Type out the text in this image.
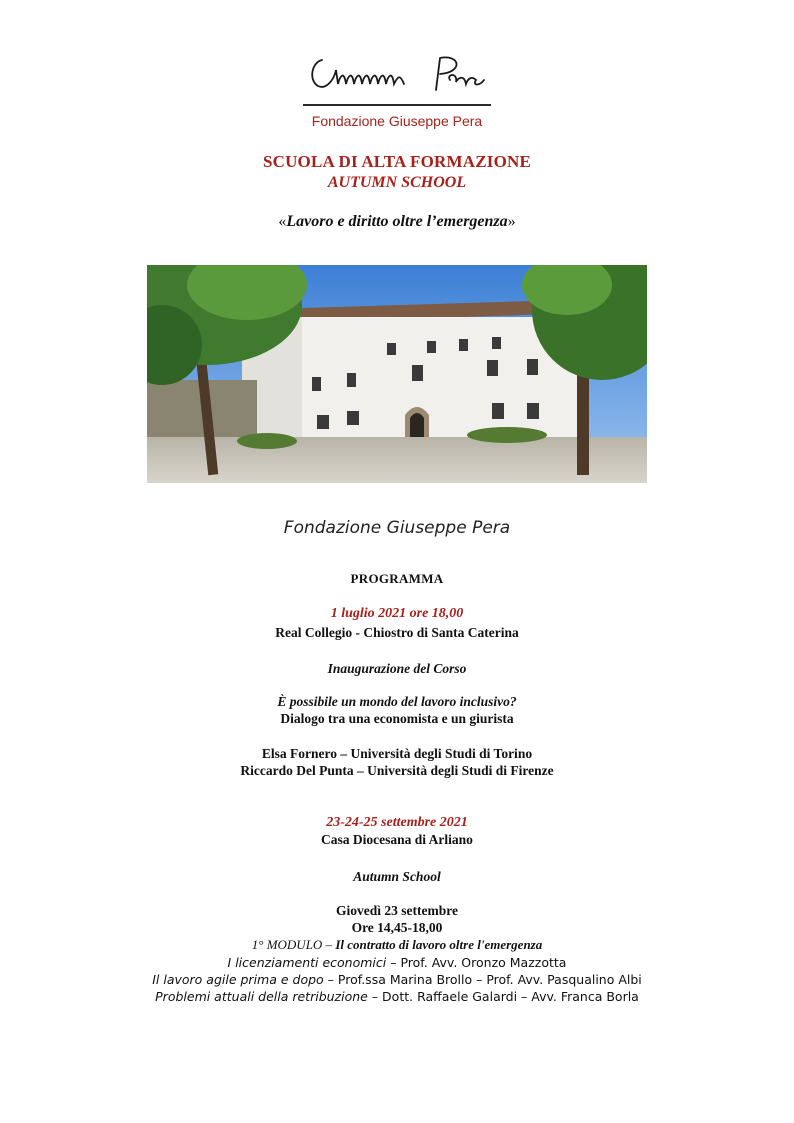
Fondazione Giuseppe Pera
SCUOLA DI ALTA FORMAZIONE
AUTUMN SCHOOL
«Lavoro e diritto oltre l’emergenza»
Fondazione Giuseppe Pera
PROGRAMMA
1 luglio 2021 ore 18,00
Real Collegio - Chiostro di Santa Caterina
Inaugurazione del Corso
È possibile un mondo del lavoro inclusivo?
Dialogo tra una economista e un giurista
Elsa Fornero – Università degli Studi di Torino
Riccardo Del Punta – Università degli Studi di Firenze
23-24-25 settembre 2021
Casa Diocesana di Arliano
Autumn School
Giovedì 23 settembre
Ore 14,45-18,00
1° MODULO – Il contratto di lavoro oltre l'emergenza
I licenziamenti economici – Prof. Avv. Oronzo Mazzotta
Il lavoro agile prima e dopo – Prof.ssa Marina Brollo – Prof. Avv. Pasqualino Albi
Problemi attuali della retribuzione – Dott. Raffaele Galardi – Avv. Franca Borla
